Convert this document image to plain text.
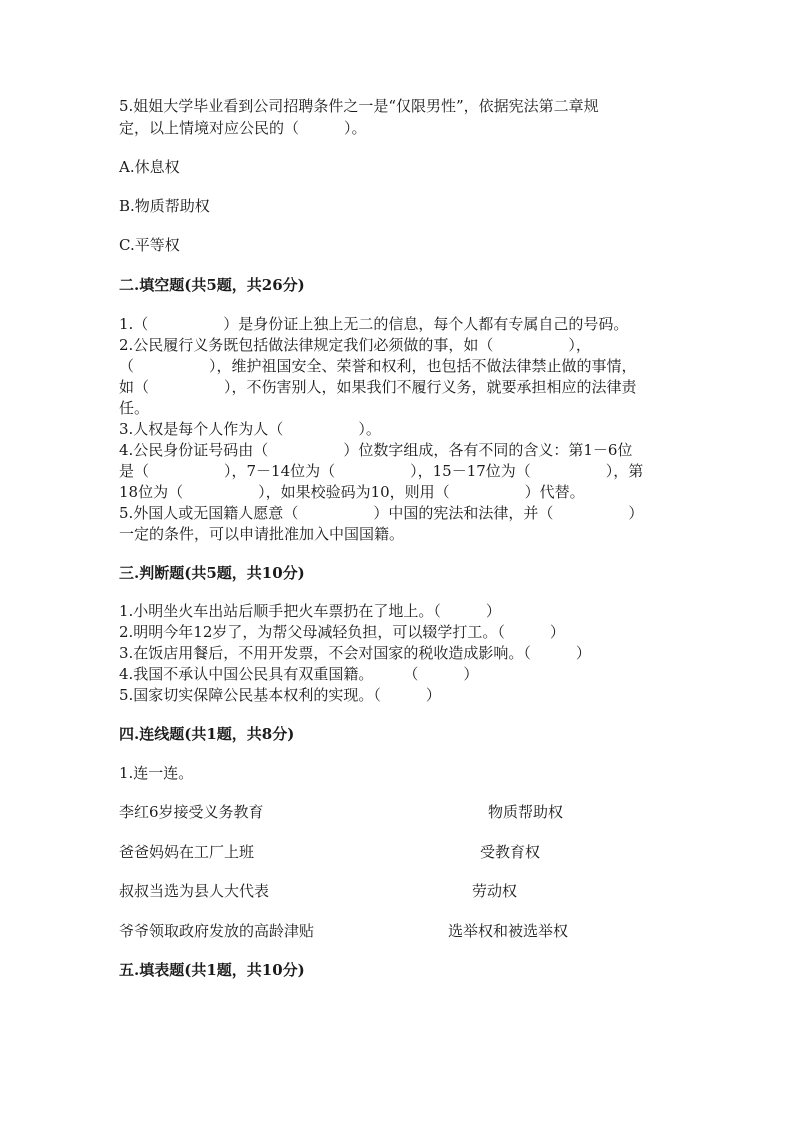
5.姐姐大学毕业看到公司招聘条件之一是“仅限男性”，依据宪法第二章规
定，以上情境对应公民的（　　　）。
A.休息权
B.物质帮助权
C.平等权
二.填空题(共5题，共26分)
1.（　　　　　）是身份证上独上无二的信息，每个人都有专属自己的号码。
2.公民履行义务既包括做法律规定我们必须做的事，如（　　　　　），
（　　　　　），维护祖国安全、荣誉和权利，也包括不做法律禁止做的事情，
如（　　　　　），不伤害别人，如果我们不履行义务，就要承担相应的法律责
任。
3.人权是每个人作为人（　　　　　）。
4.公民身份证号码由（　　　　　）位数字组成，各有不同的含义：第1－6位
是（　　　　　），7－14位为（　　　　　），15－17位为（　　　　　），第
18位为（　　　　　），如果校验码为10，则用（　　　　　）代替。
5.外国人或无国籍人愿意（　　　　　）中国的宪法和法律，并（　　　　　）
一定的条件，可以申请批准加入中国国籍。
三.判断题(共5题，共10分)
1.小明坐火车出站后顺手把火车票扔在了地上。（　　　）
2.明明今年12岁了，为帮父母减轻负担，可以辍学打工。（　　　）
3.在饭店用餐后，不用开发票，不会对国家的税收造成影响。（　　　）
4.我国不承认中国公民具有双重国籍。　　　（　　　）
5.国家切实保障公民基本权利的实现。（　　　）
四.连线题(共1题，共8分)
1.连一连。
李红6岁接受义务教育	物质帮助权
爸爸妈妈在工厂上班	受教育权
叔叔当选为县人大代表	劳动权
爷爷领取政府发放的高龄津贴	选举权和被选举权
五.填表题(共1题，共10分)
